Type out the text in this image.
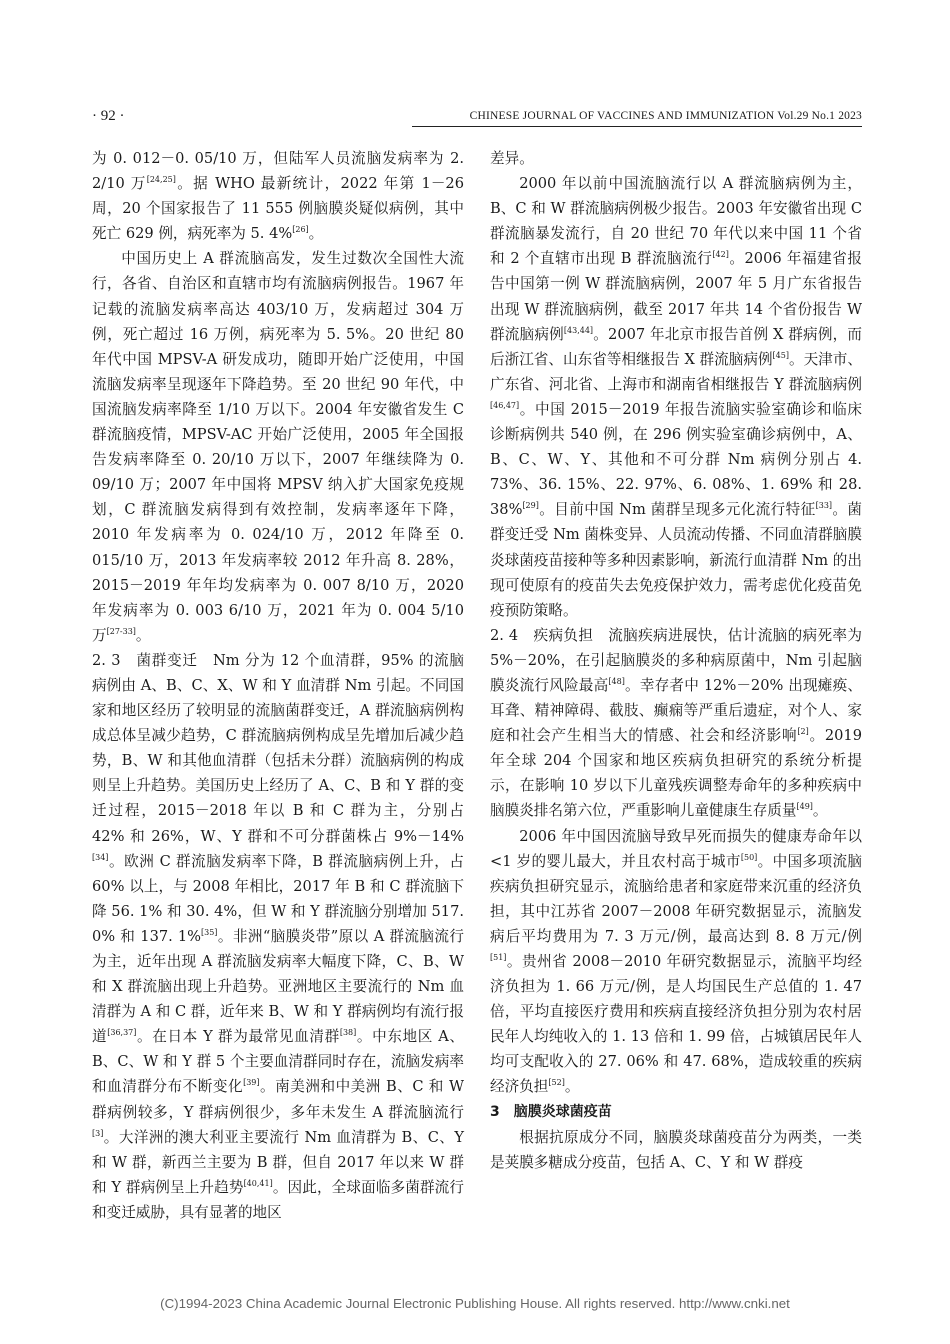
· 92 ·	CHINESE JOURNAL OF VACCINES AND IMMUNIZATION Vol.29 No.1 2023

为 0. 012－0. 05/10 万，但陆军人员流脑发病率为 2. 2/10 万[24,25]。据 WHO 最新统计，2022 年第 1－26 周，20 个国家报告了 11 555 例脑膜炎疑似病例，其中死亡 629 例，病死率为 5. 4%[26]。

中国历史上 A 群流脑高发，发生过数次全国性大流行，各省、自治区和直辖市均有流脑病例报告。1967 年记载的流脑发病率高达 403/10 万，发病超过 304 万例，死亡超过 16 万例，病死率为 5. 5%。20 世纪 80 年代中国 MPSV-A 研发成功，随即开始广泛使用，中国流脑发病率呈现逐年下降趋势。至 20 世纪 90 年代，中国流脑发病率降至 1/10 万以下。2004 年安徽省发生 C 群流脑疫情，MPSV-AC 开始广泛使用，2005 年全国报告发病率降至 0. 20/10 万以下，2007 年继续降为 0. 09/10 万；2007 年中国将 MPSV 纳入扩大国家免疫规划，C 群流脑发病得到有效控制，发病率逐年下降，2010 年发病率为 0. 024/10 万，2012 年降至 0. 015/10 万，2013 年发病率较 2012 年升高 8. 28%，2015－2019 年年均发病率为 0. 007 8/10 万，2020 年发病率为 0. 003 6/10 万，2021 年为 0. 004 5/10 万[27-33]。

2. 3　菌群变迁　Nm 分为 12 个血清群，95% 的流脑病例由 A、B、C、X、W 和 Y 血清群 Nm 引起。不同国家和地区经历了较明显的流脑菌群变迁，A 群流脑病例构成总体呈减少趋势，C 群流脑病例构成呈先增加后减少趋势，B、W 和其他血清群（包括未分群）流脑病例的构成则呈上升趋势。美国历史上经历了 A、C、B 和 Y 群的变迁过程，2015－2018 年以 B 和 C 群为主，分别占 42% 和 26%，W、Y 群和不可分群菌株占 9%－14%[34]。欧洲 C 群流脑发病率下降，B 群流脑病例上升，占 60% 以上，与 2008 年相比，2017 年 B 和 C 群流脑下降 56. 1% 和 30. 4%，但 W 和 Y 群流脑分别增加 517. 0% 和 137. 1%[35]。非洲“脑膜炎带”原以 A 群流脑流行为主，近年出现 A 群流脑发病率大幅度下降，C、B、W 和 X 群流脑出现上升趋势。亚洲地区主要流行的 Nm 血清群为 A 和 C 群，近年来 B、W 和 Y 群病例均有流行报道[36,37]。在日本 Y 群为最常见血清群[38]。中东地区 A、B、C、W 和 Y 群 5 个主要血清群同时存在，流脑发病率和血清群分布不断变化[39]。南美洲和中美洲 B、C 和 W 群病例较多，Y 群病例很少，多年未发生 A 群流脑流行[3]。大洋洲的澳大利亚主要流行 Nm 血清群为 B、C、Y 和 W 群，新西兰主要为 B 群，但自 2017 年以来 W 群和 Y 群病例呈上升趋势[40,41]。因此，全球面临多菌群流行和变迁威胁，具有显著的地区

差异。

2000 年以前中国流脑流行以 A 群流脑病例为主，B、C 和 W 群流脑病例极少报告。2003 年安徽省出现 C 群流脑暴发流行，自 20 世纪 70 年代以来中国 11 个省和 2 个直辖市出现 B 群流脑流行[42]。2006 年福建省报告中国第一例 W 群流脑病例，2007 年 5 月广东省报告出现 W 群流脑病例，截至 2017 年共 14 个省份报告 W 群流脑病例[43,44]。2007 年北京市报告首例 X 群病例，而后浙江省、山东省等相继报告 X 群流脑病例[45]。天津市、广东省、河北省、上海市和湖南省相继报告 Y 群流脑病例[46,47]。中国 2015－2019 年报告流脑实验室确诊和临床诊断病例共 540 例，在 296 例实验室确诊病例中，A、B、C、W、Y、其他和不可分群 Nm 病例分别占 4. 73%、36. 15%、22. 97%、6. 08%、1. 69% 和 28. 38%[29]。目前中国 Nm 菌群呈现多元化流行特征[33]。菌群变迁受 Nm 菌株变异、人员流动传播、不同血清群脑膜炎球菌疫苗接种等多种因素影响，新流行血清群 Nm 的出现可使原有的疫苗失去免疫保护效力，需考虑优化疫苗免疫预防策略。

2. 4　疾病负担　流脑疾病进展快，估计流脑的病死率为 5%－20%，在引起脑膜炎的多种病原菌中，Nm 引起脑膜炎流行风险最高[48]。幸存者中 12%－20% 出现瘫痪、耳聋、精神障碍、截肢、癫痫等严重后遗症，对个人、家庭和社会产生相当大的情感、社会和经济影响[2]。2019 年全球 204 个国家和地区疾病负担研究的系统分析提示，在影响 10 岁以下儿童残疾调整寿命年的多种疾病中脑膜炎排名第六位，严重影响儿童健康生存质量[49]。

2006 年中国因流脑导致早死而损失的健康寿命年以<1 岁的婴儿最大，并且农村高于城市[50]。中国多项流脑疾病负担研究显示，流脑给患者和家庭带来沉重的经济负担，其中江苏省 2007－2008 年研究数据显示，流脑发病后平均费用为 7. 3 万元/例，最高达到 8. 8 万元/例[51]。贵州省 2008－2010 年研究数据显示，流脑平均经济负担为 1. 66 万元/例，是人均国民生产总值的 1. 47 倍，平均直接医疗费用和疾病直接经济负担分别为农村居民年人均纯收入的 1. 13 倍和 1. 99 倍，占城镇居民年人均可支配收入的 27. 06% 和 47. 68%，造成较重的疾病经济负担[52]。

3　脑膜炎球菌疫苗

根据抗原成分不同，脑膜炎球菌疫苗分为两类，一类是荚膜多糖成分疫苗，包括 A、C、Y 和 W 群疫

(C)1994-2023 China Academic Journal Electronic Publishing House. All rights reserved. http://www.cnki.net
